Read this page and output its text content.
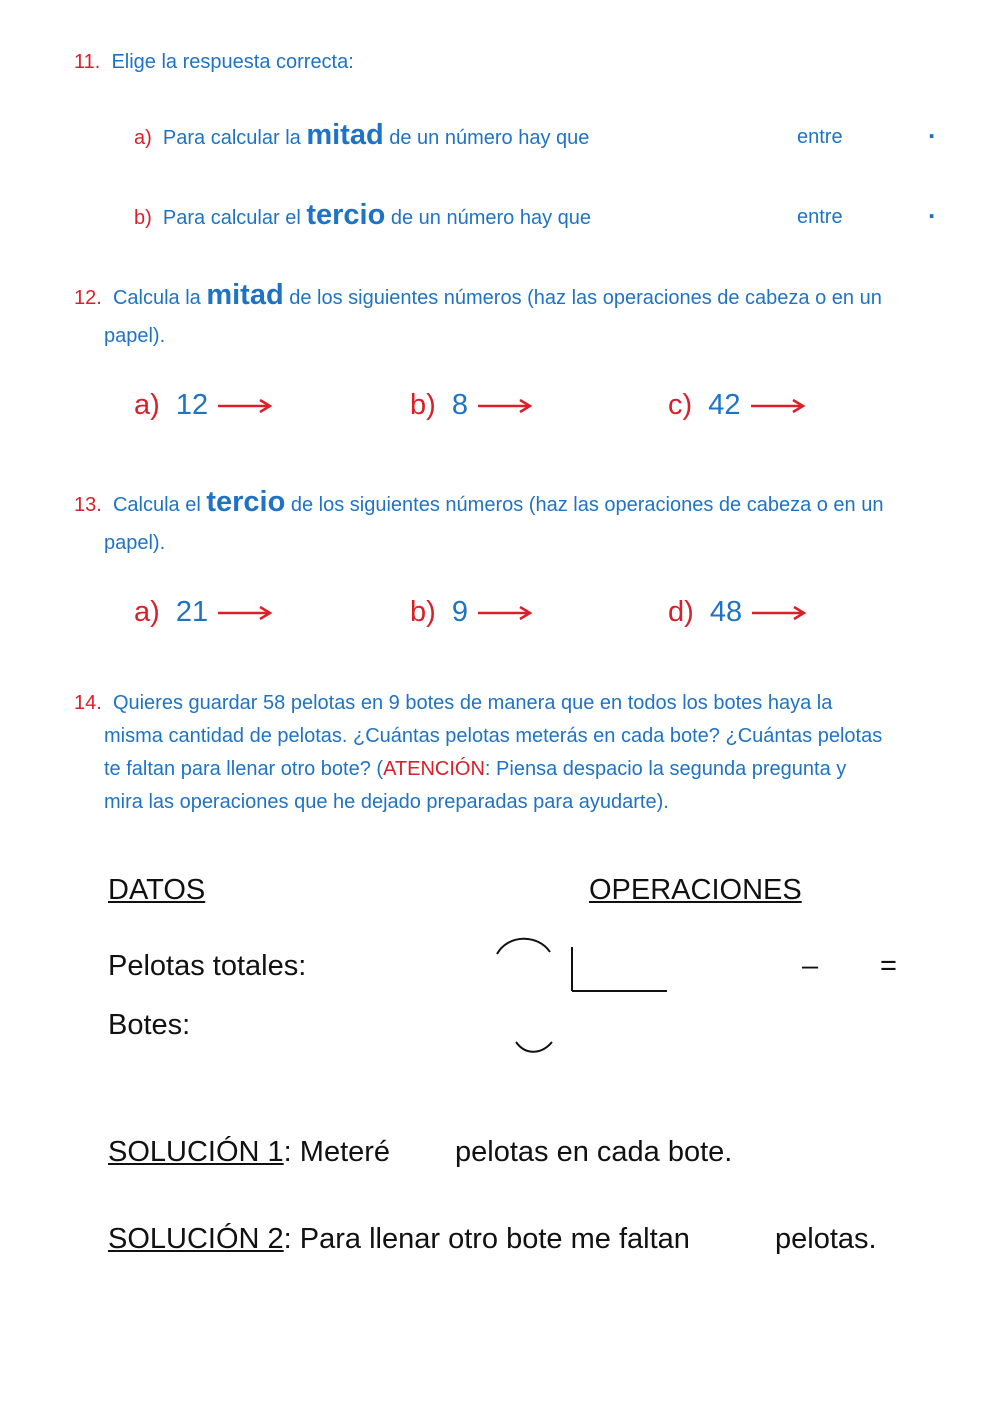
11. Elige la respuesta correcta:
a) Para calcular la mitad de un número hay que	entre	.
b) Para calcular el tercio de un número hay que	entre	.
12. Calcula la mitad de los siguientes números (haz las operaciones de cabeza o en un
papel).
a) 12	b) 8	c) 42
13. Calcula el tercio de los siguientes números (haz las operaciones de cabeza o en un
papel).
a) 21	b) 9	d) 48
14. Quieres guardar 58 pelotas en 9 botes de manera que en todos los botes haya la
misma cantidad de pelotas. ¿Cuántas pelotas meterás en cada bote? ¿Cuántas pelotas
te faltan para llenar otro bote? (ATENCIÓN: Piensa despacio la segunda pregunta y
mira las operaciones que he dejado preparadas para ayudarte).
DATOS	OPERACIONES
Pelotas totales:
Botes:
– =
SOLUCIÓN 1: Meteré pelotas en cada bote.
SOLUCIÓN 2: Para llenar otro bote me faltan	pelotas.
